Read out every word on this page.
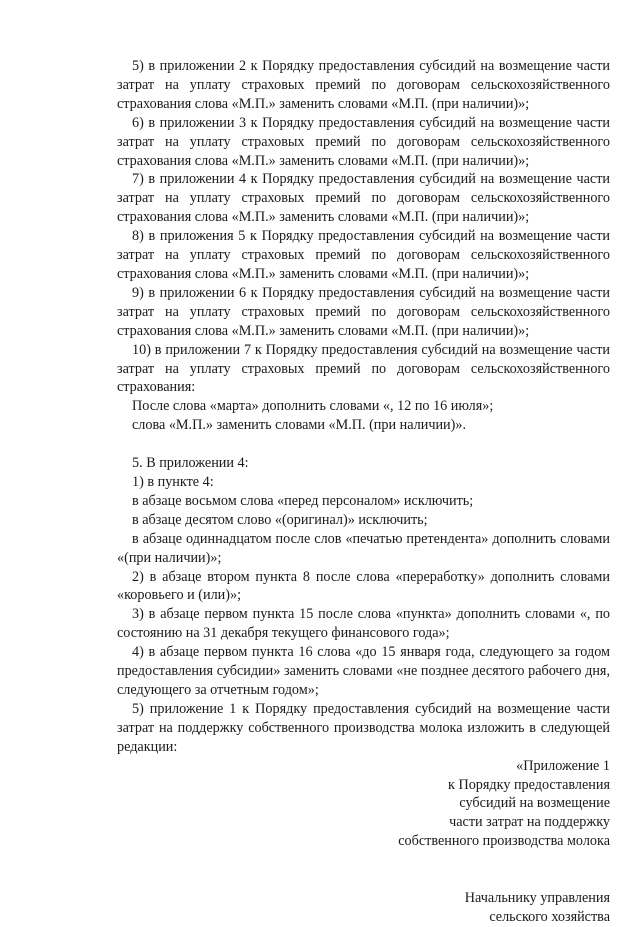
5) в приложении 2 к Порядку предоставления субсидий на возмещение части затрат на уплату страховых премий по договорам сельскохозяйственного страхования слова «М.П.» заменить словами «М.П. (при наличии)»;

6) в приложении 3 к Порядку предоставления субсидий на возмещение части затрат на уплату страховых премий по договорам сельскохозяйственного страхования слова «М.П.» заменить словами «М.П. (при наличии)»;

7) в приложении 4 к Порядку предоставления субсидий на возмещение части затрат на уплату страховых премий по договорам сельскохозяйственного страхования слова «М.П.» заменить словами «М.П. (при наличии)»;

8) в приложения 5 к Порядку предоставления субсидий на возмещение части затрат на уплату страховых премий по договорам сельскохозяйственного страхования слова «М.П.» заменить словами «М.П. (при наличии)»;

9) в приложении 6 к Порядку предоставления субсидий на возмещение части затрат на уплату страховых премий по договорам сельскохозяйственного страхования слова «М.П.» заменить словами «М.П. (при наличии)»;

10) в приложении 7 к Порядку предоставления субсидий на возмещение части затрат на уплату страховых премий по договорам сельскохозяйственного страхования:

После слова «марта» дополнить словами «, 12 по 16 июля»;

слова «М.П.» заменить словами «М.П. (при наличии)».

5. В приложении 4:

1) в пункте 4:

в абзаце восьмом слова «перед персоналом» исключить;

в абзаце десятом слово «(оригинал)» исключить;

в абзаце одиннадцатом после слов «печатью претендента» дополнить словами «(при наличии)»;

2) в абзаце втором пункта 8 после слова «переработку» дополнить словами «коровьего и (или)»;

3) в абзаце первом пункта 15 после слова «пункта» дополнить словами «, по состоянию на 31 декабря текущего финансового года»;

4) в абзаце первом пункта 16 слова «до 15 января года, следующего за годом предоставления субсидии» заменить словами «не позднее десятого рабочего дня, следующего за отчетным годом»;

5) приложение 1 к Порядку предоставления субсидий на возмещение части затрат на поддержку собственного производства молока изложить в следующей редакции:

«Приложение 1

к Порядку предоставления

субсидий на возмещение

части затрат на поддержку

собственного производства молока

Начальнику управления

сельского хозяйства
